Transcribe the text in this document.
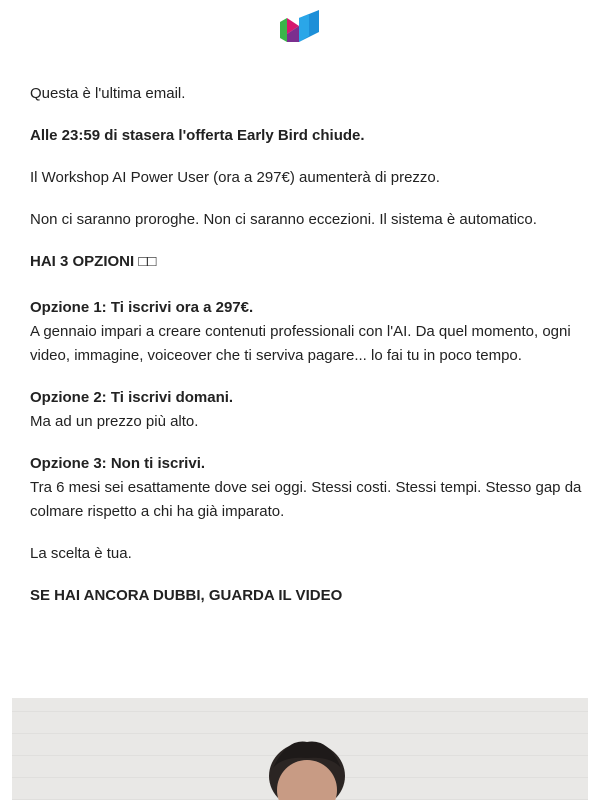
Questa è l'ultima email.

Alle 23:59 di stasera l'offerta Early Bird chiude.

Il Workshop AI Power User (ora a 297€) aumenterà di prezzo.

Non ci saranno proroghe. Non ci saranno eccezioni. Il sistema è automatico.

HAI 3 OPZIONI □□

Opzione 1: Ti iscrivi ora a 297€.
A gennaio impari a creare contenuti professionali con l'AI. Da quel momento, ogni video, immagine, voiceover che ti serviva pagare... lo fai tu in poco tempo.

Opzione 2: Ti iscrivi domani.
Ma ad un prezzo più alto.

Opzione 3: Non ti iscrivi.
Tra 6 mesi sei esattamente dove sei oggi. Stessi costi. Stessi tempi. Stesso gap da colmare rispetto a chi ha già imparato.

La scelta è tua.

SE HAI ANCORA DUBBI, GUARDA IL VIDEO
